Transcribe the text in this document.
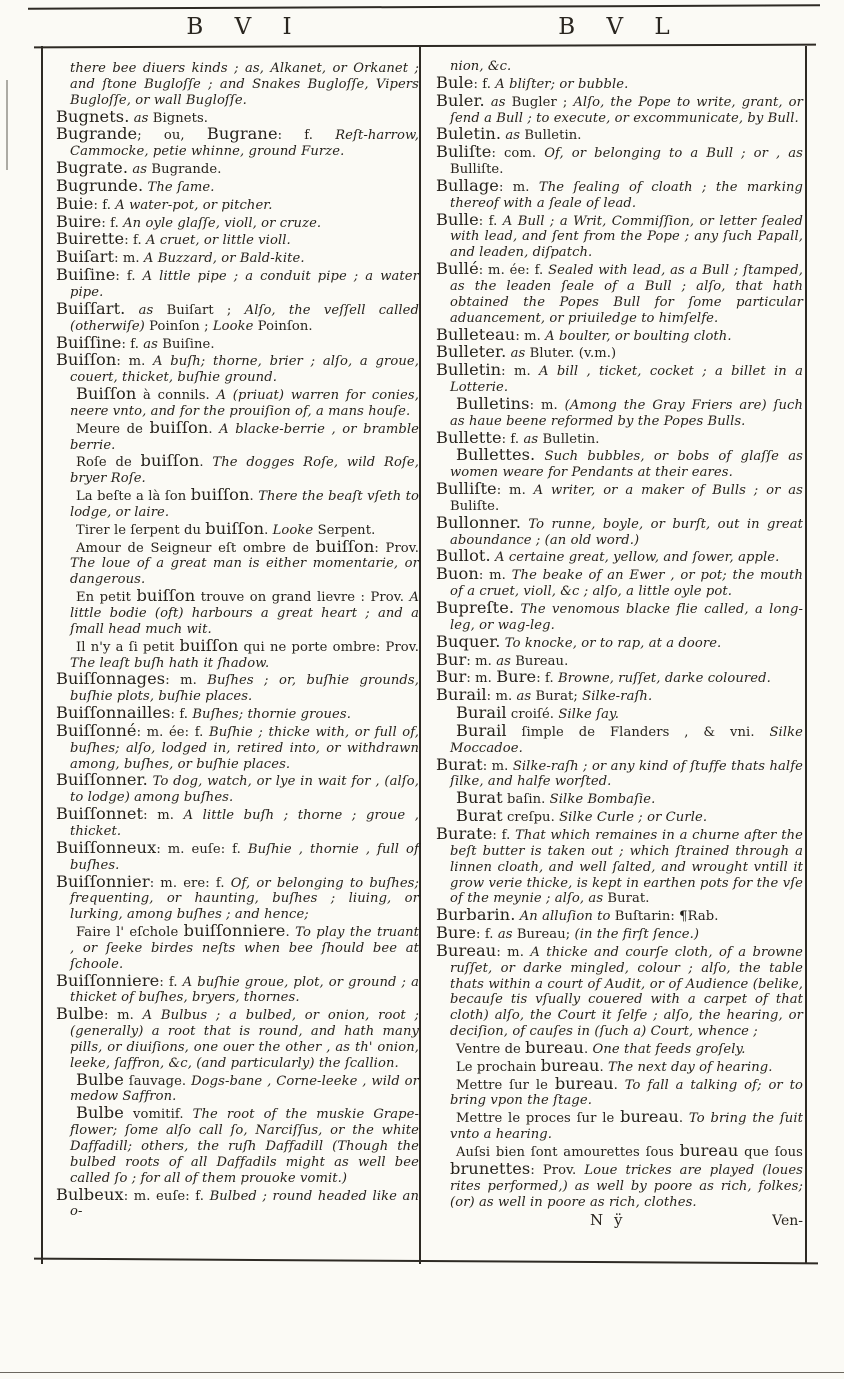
B V I	B V L
there bee diuers kinds ; as, Alkanet, or Orkanet ; and ſtone Bugloſſe ; and Snakes Bugloſſe, Vipers Bugloſſe, or wall Bugloſſe.
Bugnets. as Bignets.
Bugrande; ou, Bugrane: f. Reſt-harrow, Cammocke, petie whinne, ground Furze.
Bugrate. as Bugrande.
Bugrunde. The ſame.
Buie: f. A water-pot, or pitcher.
Buire: f. An oyle glaſſe, violl, or cruze.
Buirette: f. A cruet, or little violl.
Buiſart: m. A Buzzard, or Bald-kite.
Buiſine: f. A little pipe ; a conduit pipe ; a water pipe.
Buiſſart. as Buiſart ; Alſo, the veſſell called (otherwiſe) Poinſon ; Looke Poinſon.
Buiſſine: f. as Buiſine.
Buiſſon: m. A buſh; thorne, brier ; alſo, a groue, couert, thicket, buſhie ground.
Buiſſon à connils. A (priuat) warren for conies, neere vnto, and for the prouiſion of, a mans houſe.
Meure de buiſſon. A blacke-berrie , or bramble berrie.
Roſe de buiſſon. The dogges Roſe, wild Roſe, bryer Roſe.
La beſte a là ſon buiſſon. There the beaſt vſeth to lodge, or laire.
Tirer le ſerpent du buiſſon. Looke Serpent.
Amour de Seigneur eſt ombre de buiſſon: Prov. The loue of a great man is either momentarie, or dangerous.
En petit buiſſon trouve on grand lievre : Prov. A little bodie (oft) harbours a great heart ; and a ſmall head much wit.
Il n'y a ſi petit buiſſon qui ne porte ombre: Prov. The leaſt buſh hath it ſhadow.
Buiſſonnages: m. Buſhes ; or, buſhie grounds, buſhie plots, buſhie places.
Buiſſonnailles: f. Buſhes; thornie groues.
Buiſſonné: m. ée: f. Buſhie ; thicke with, or full of, buſhes; alſo, lodged in, retired into, or withdrawn among, buſhes, or buſhie places.
Buiſſonner. To dog, watch, or lye in wait for , (alſo, to lodge) among buſhes.
Buiſſonnet: m. A little buſh ; thorne ; groue , thicket.
Buiſſonneux: m. euſe: f. Buſhie , thornie , full of buſhes.
Buiſſonnier: m. ere: f. Of, or belonging to buſhes; frequenting, or haunting, buſhes ; liuing, or lurking, among buſhes ; and hence;
Faire l' eſchole buiſſonniere. To play the truant , or ſeeke birdes neſts when bee ſhould bee at ſchoole.
Buiſſonniere: f. A buſhie groue, plot, or ground ; a thicket of buſhes, bryers, thornes.
Bulbe: m. A Bulbus ; a bulbed, or onion, root ; (generally) a root that is round, and hath many pills, or diuiſions, one ouer the other , as th' onion, leeke, ſaffron, &c, (and particularly) the ſcallion.
Bulbe ſauvage. Dogs-bane , Corne-leeke , wild or medow Saffron.
Bulbe vomitif. The root of the muskie Grape-flower; ſome alſo call ſo, Narciſſus, or the white Daffadill; others, the ruſh Daffadill (Though the bulbed roots of all Daffadils might as well bee called ſo ; for all of them prouoke vomit.)
Bulbeux: m. euſe: f. Bulbed ; round headed like an o-
nion, &c.
Bule: f. A bliſter; or bubble.
Buler. as Bugler ; Alſo, the Pope to write, grant, or ſend a Bull ; to execute, or excommunicate, by Bull.
Buletin. as Bulletin.
Buliſte: com. Of, or belonging to a Bull ; or , as Bulliſte.
Bullage: m. The ſealing of cloath ; the marking thereof with a ſeale of lead.
Bulle: f. A Bull ; a Writ, Commiſſion, or letter ſealed with lead, and ſent from the Pope ; any ſuch Papall, and leaden, diſpatch.
Bullé: m. ée: f. Sealed with lead, as a Bull ; ſtamped, as the leaden ſeale of a Bull ; alſo, that hath obtained the Popes Bull for ſome particular aduancement, or priuiledge to himſelfe.
Bulleteau: m. A boulter, or boulting cloth.
Bulleter. as Bluter. (v.m.)
Bulletin: m. A bill , ticket, cocket ; a billet in a Lotterie.
Bulletins: m. (Among the Gray Friers are) ſuch as haue beene reformed by the Popes Bulls.
Bullette: f. as Bulletin.
Bullettes. Such bubbles, or bobs of glaſſe as women weare for Pendants at their eares.
Bulliſte: m. A writer, or a maker of Bulls ; or as Buliſte.
Bullonner. To runne, boyle, or burſt, out in great aboundance ; (an old word.)
Bullot. A certaine great, yellow, and ſower, apple.
Buon: m. The beake of an Ewer , or pot; the mouth of a cruet, violl, &c ; alſo, a little oyle pot.
Bupreſte. The venomous blacke flie called, a long-leg, or wag-leg.
Buquer. To knocke, or to rap, at a doore.
Bur: m. as Bureau.
Bur: m. Bure: f. Browne, ruſſet, darke coloured.
Burail: m. as Burat; Silke-raſh.
Burail croiſé. Silke ſay.
Burail ſimple de Flanders , & vni. Silke Moccadoe.
Burat: m. Silke-raſh ; or any kind of ſtuffe thats halfe ſilke, and halfe worſted.
Burat baſin. Silke Bombaſie.
Burat creſpu. Silke Curle ; or Curle.
Burate: f. That which remaines in a churne after the beſt butter is taken out ; which ſtrained through a linnen cloath, and well ſalted, and wrought vntill it grow verie thicke, is kept in earthen pots for the vſe of the meynie ; alſo, as Burat.
Burbarin. An alluſion to Buſtarin: ¶Rab.
Bure: f. as Bureau; (in the firſt ſence.)
Bureau: m. A thicke and courſe cloth, of a browne ruſſet, or darke mingled, colour ; alſo, the table thats within a court of Audit, or of Audience (belike, becauſe tis vſually couered with a carpet of that cloth) alſo, the Court it ſelfe ; alſo, the hearing, or deciſion, of cauſes in (ſuch a) Court, whence ;
Ventre de bureau. One that feeds groſely.
Le prochain bureau. The next day of hearing.
Mettre ſur le bureau. To fall a talking of; or to bring vpon the ſtage.
Mettre le proces ſur le bureau. To bring the ſuit vnto a hearing.
Auſsi bien ſont amourettes ſous bureau que ſous brunettes: Prov. Loue trickes are played (loues rites performed,) as well by poore as rich, folkes; (or) as well in poore as rich, clothes.
N ÿ	Ven-
